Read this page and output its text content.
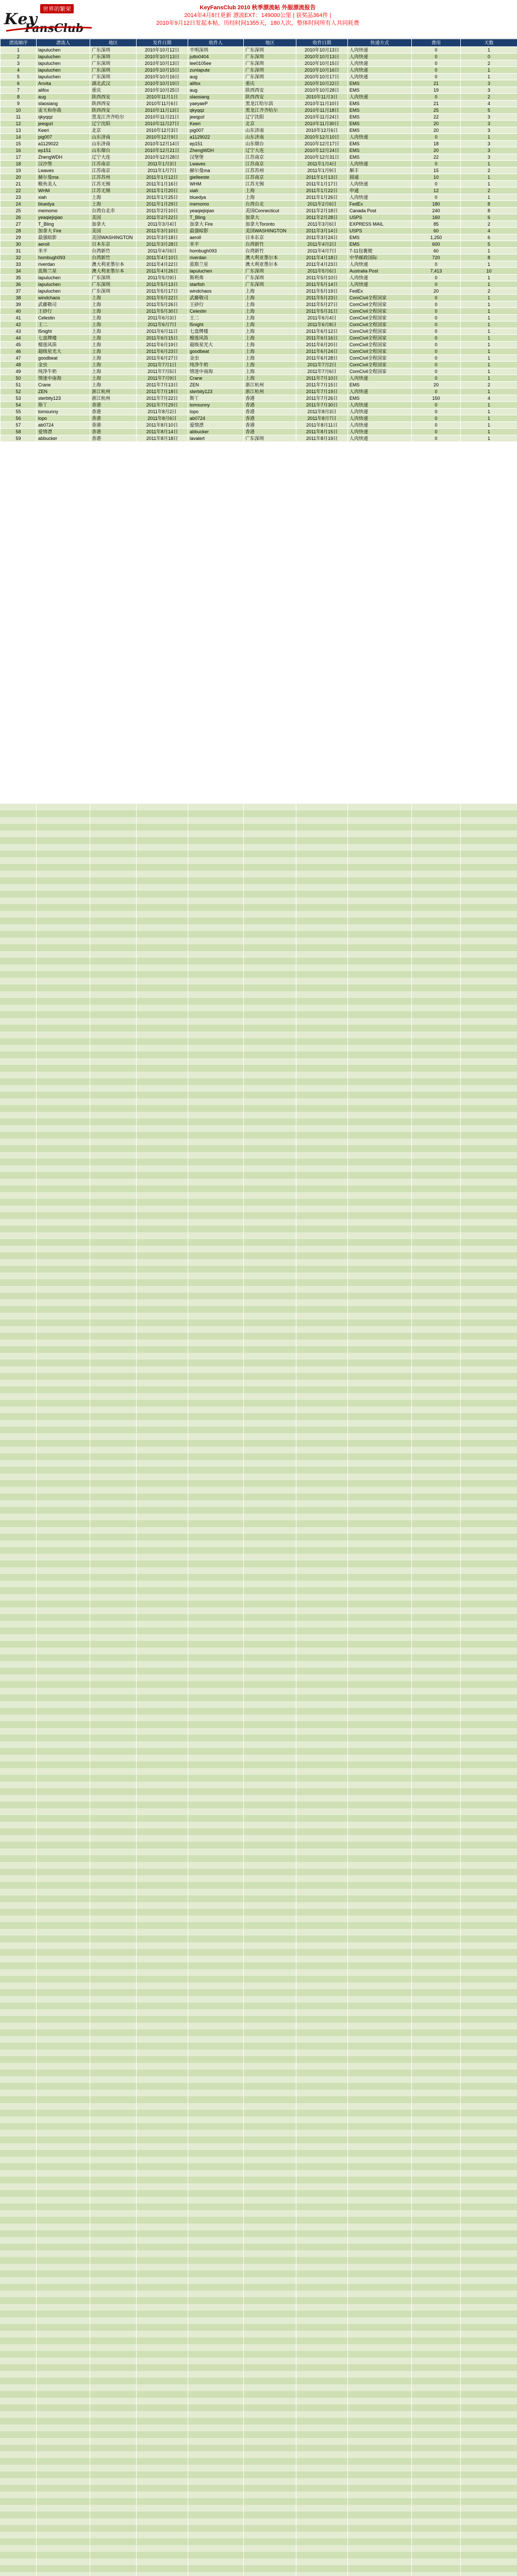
世界的繁荣
Key
FansClub
KeyFansClub 2010 秋季漂流帖 外服漂流报告
2014年4月8日更新 漂流EXT：149000公里 | 获奖品364件 |
2010年9月12日发起本帖，历经时间1355天，180人次，整体时间所有人共同耗费
漂流顺序	漂流人	地区	发件日期	收件人	地区	收件日期	快递方式	费用	天数
1	lapuluchen	广东深圳	2010年10月12日	平明深圳	广东深圳	2010年10月13日	人肉快递	0	1
2	lapuluchen	广东深圳	2010年10月13日	jutto0404	广东深圳	2010年10月13日	人肉快递	0	0
3	lapuluchen	广东深圳	2010年10月13日	lee0105ee	广东深圳	2010年10月15日	人肉快递	0	2
4	lapuluchen	广东深圳	2010年10月15日	zunlapute	广东深圳	2010年10月16日	人肉快递	0	1
5	lapuluchen	广东深圳	2010年10月16日	aug	广东深圳	2010年10月17日	人肉快递	0	1
6	Anvita	湖北武汉	2010年10月19日	alifox	重庆	2010年10月22日	EMS	21	3
7	alifox	重庆	2010年10月25日	aug	陕西西安	2010年10月28日	EMS	19	3
8	aug	陕西西安	2010年11月1日	slaosiang	陕西西安	2010年11月3日	人肉快递	0	2
9	slaosiang	陕西西安	2010年11月6日	yaeyaeP	黑龙江哈尔滨	2010年11月10日	EMS	21	4
10	雷天和你我	陕西西安	2010年11月13日	qkyqqz	黑龙江齐齐哈尔	2010年11月18日	EMS	25	5
11	qkyqqz	黑龙江齐齐哈尔	2010年11月21日	jeeqpzl	辽宁沈阳	2010年11月24日	EMS	22	3
12	jeeqpzl	辽宁沈阳	2010年11月27日	Keeri	北京	2010年11月30日	EMS	20	3
13	Keeri	北京	2010年12月3日	pig007	山东济南	2010年12月6日	EMS	20	3
14	pig007	山东济南	2010年12月9日	a1129022	山东济南	2010年12月10日	人肉快递	0	1
15	a1129022	山东济南	2010年12月14日	ep151	山东烟台	2010年12月17日	EMS	18	3
16	ep151	山东烟台	2010年12月21日	ZhengWDH	辽宁大连	2010年12月24日	EMS	20	3
17	ZhengWDH	辽宁大连	2010年12月28日	汉堡堡	江苏南京	2010年12月31日	EMS	22	3
18	汉沙堡	江苏南京	2011年1月3日	Lwaves	江苏南京	2011年1月4日	人肉快递	0	1
19	Lwaves	江苏南京	2011年1月7日	赫尔曼ma	江苏苏州	2011年1月9日	顺丰	15	2
20	赫尔曼ma	江苏苏州	2011年1月12日	gielleeste	江苏南京	2011年1月13日	圆通	10	1
21	鲅鱼美人	江苏无锡	2011年1月16日	WHM	江苏无锡	2011年1月17日	人肉快递	0	1
22	WHM	江苏无锡	2011年1月20日	xiah	上海	2011年1月22日	申通	12	2
23	xiah	上海	2011年1月25日	bluedya	上海	2011年1月26日	人肉快递	0	1
24	bluedya	上海	2011年1月29日	memomo	台湾台北	2011年2月6日	FedEx	180	8
25	memomo	台湾台北市	2011年2月10日	yeaqiejiqiao	美国Connecticut	2011年2月18日	Canada Post	240	8
26	yeaqiejiqiao	美国	2011年2月22日	T_Bling	加拿大	2011年2月28日	USPS	160	6
27	T_Bling	加拿大	2011年3月4日	加拿大 Fire	加拿大Toronto	2011年3月6日	EXPRESS MAIL	85	2
28	加拿大 Fire	美国	2011年3月10日	最强暗影	美国WASHINGTON	2011年3月14日	USPS	60	4
29	最强暗影	美国WASHINGTON	2011年3月18日	aeroll	日本东京	2011年3月24日	EMS	1,250	6
30	aeroll	日本东京	2011年3月28日	米平	台湾新竹	2011年4月2日	EMS	600	5
31	米平	台湾新竹	2011年4月6日	hombugh093	台湾新竹	2011年4月7日	7-11包裹便	60	1
32	hombugh093	台湾新竹	2011年4月10日	riverdan	澳大利亚墨尔本	2011年4月18日	中华邮政国际	720	8
33	riverdan	澳大利亚墨尔本	2011年4月22日	蓝斯兰星	澳大利亚墨尔本	2011年4月23日	人肉快递	0	1
34	蓝斯兰星	澳大利亚墨尔本	2011年4月26日	lapuluchen	广东深圳	2011年5月6日	Australia Post	7,413	10
35	lapuluchen	广东深圳	2011年5月9日	斯利弗	广东深圳	2011年5月10日	人肉快递	0	1
36	lapuluchen	广东深圳	2011年5月13日	starfish	广东深圳	2011年5月14日	人肉快递	0	1
37	lapuluchen	广东深圳	2011年5月17日	windchaos	上海	2011年5月19日	FedEx	20	2
38	windchaos	上海	2011年5月22日	武藤敬司	上海	2011年5月23日	ComCivil全程国家	0	1
39	武藤敬司	上海	2011年5月26日	王砂行	上海	2011年5月27日	ComCivil全程国家	0	1
40	王砂行	上海	2011年5月30日	Celestin	上海	2011年5月31日	ComCivil全程国家	0	1
41	Celestin	上海	2011年6月3日	王二	上海	2011年6月4日	ComCivil全程国家	0	1
42	王二	上海	2011年6月7日	l5night	上海	2011年6月8日	ComCivil全程国家	0	1
43	l5night	上海	2011年6月11日	七盘牌楼	上海	2011年6月12日	ComCivil全程国家	0	1
44	七盘牌楼	上海	2011年6月15日	榴莲风笛	上海	2011年6月16日	ComCivil全程国家	0	1
45	榴莲风笛	上海	2011年6月19日	超级星光大	上海	2011年6月20日	ComCivil全程国家	0	1
46	超级星光大	上海	2011年6月23日	goodbeat	上海	2011年6月24日	ComCivil全程国家	0	1
47	goodbeat	上海	2011年6月27日	金虫	上海	2011年6月28日	ComCivil全程国家	0	1
48	金虫	上海	2011年7月1日	纯净牛奶	上海	2011年7月2日	ComCivil全程国家	0	1
49	纯净牛奶	上海	2011年7月5日	情迷中南海	上海	2011年7月6日	ComCivil全程国家	0	1
50	情迷中南海	上海	2011年7月9日	Crane	上海	2011年7月10日	人肉快递	0	1
51	Crane	上海	2011年7月13日	ZEN	浙江杭州	2011年7月15日	EMS	20	2
52	ZEN	浙江杭州	2011年7月18日	sterbity123	浙江杭州	2011年7月19日	人肉快递	0	1
53	sterbity123	浙江杭州	2011年7月22日	斯丫	香港	2011年7月26日	EMS	150	4
54	斯丫	香港	2011年7月29日	tomsunny	香港	2011年7月30日	人肉快递	0	1
55	tomsunny	香港	2011年8月2日	lopo	香港	2011年8月3日	人肉快递	0	1
56	lopo	香港	2011年8月6日	ab0724	香港	2011年8月7日	人肉快递	0	1
57	ab0724	香港	2011年8月10日	爱情漂	香港	2011年8月11日	人肉快递	0	1
58	爱情漂	香港	2011年8月14日	abbucker	香港	2011年8月15日	人肉快递	0	1
59	abbucker	香港	2011年8月18日	lavalert	广东深圳	2011年8月19日	人肉快递	0	1
